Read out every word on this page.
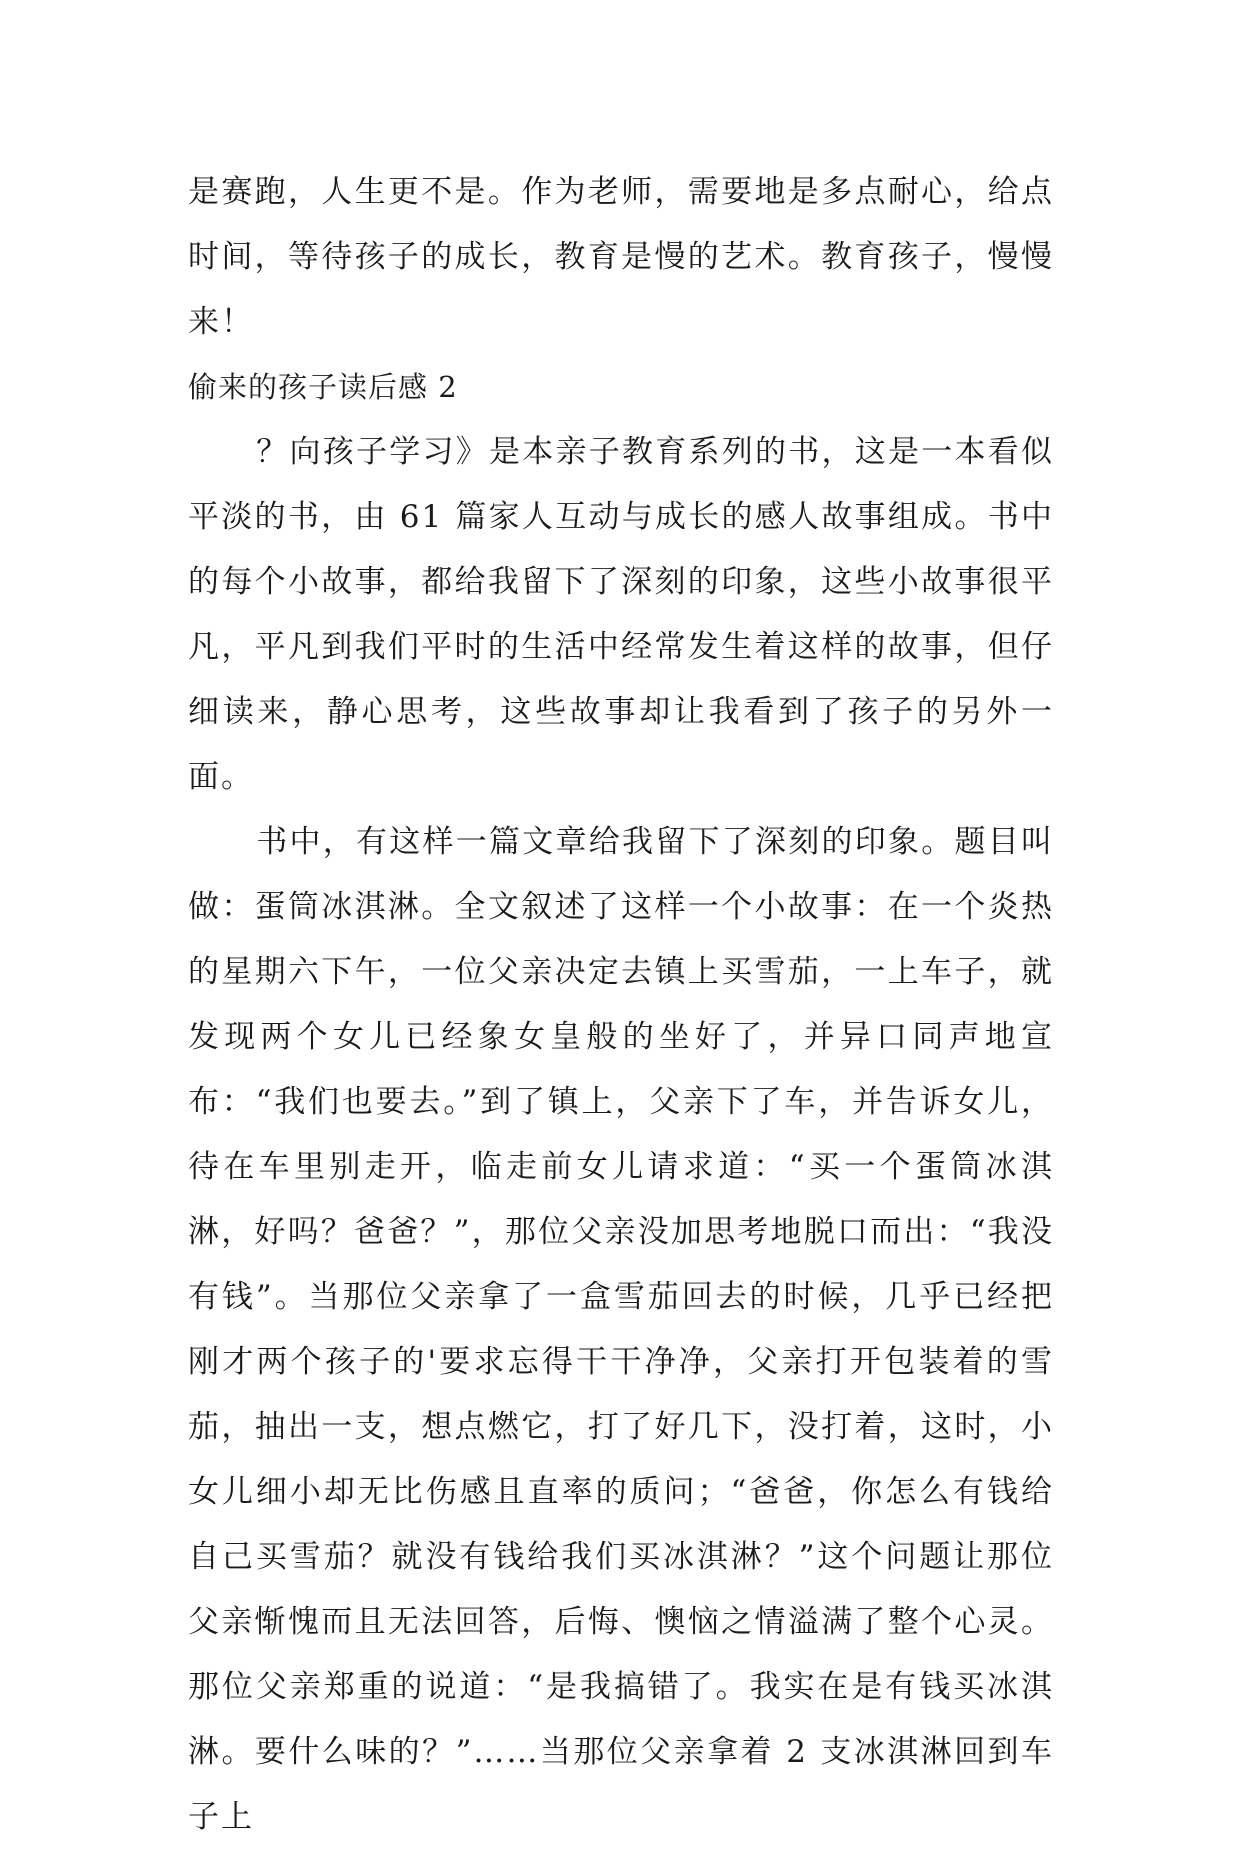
是赛跑，人生更不是。作为老师，需要地是多点耐心，给点时间，等待孩子的成长，教育是慢的艺术。教育孩子，慢慢来！

偷来的孩子读后感 2

？向孩子学习》是本亲子教育系列的书，这是一本看似平淡的书，由 61 篇家人互动与成长的感人故事组成。书中的每个小故事，都给我留下了深刻的印象，这些小故事很平凡，平凡到我们平时的生活中经常发生着这样的故事，但仔细读来，静心思考，这些故事却让我看到了孩子的另外一面。

书中，有这样一篇文章给我留下了深刻的印象。题目叫做：蛋筒冰淇淋。全文叙述了这样一个小故事：在一个炎热的星期六下午，一位父亲决定去镇上买雪茄，一上车子，就发现两个女儿已经象女皇般的坐好了，并异口同声地宣布：“我们也要去。”到了镇上，父亲下了车，并告诉女儿，待在车里别走开，临走前女儿请求道：“买一个蛋筒冰淇淋，好吗？爸爸？”，那位父亲没加思考地脱口而出：“我没有钱”。当那位父亲拿了一盒雪茄回去的时候，几乎已经把刚才两个孩子的'要求忘得干干净净，父亲打开包装着的雪茄，抽出一支，想点燃它，打了好几下，没打着，这时，小女儿细小却无比伤感且直率的质问；“爸爸，你怎么有钱给自己买雪茄？就没有钱给我们买冰淇淋？”这个问题让那位父亲惭愧而且无法回答，后悔、懊恼之情溢满了整个心灵。那位父亲郑重的说道：“是我搞错了。我实在是有钱买冰淇淋。要什么味的？”……当那位父亲拿着 2 支冰淇淋回到车子上
